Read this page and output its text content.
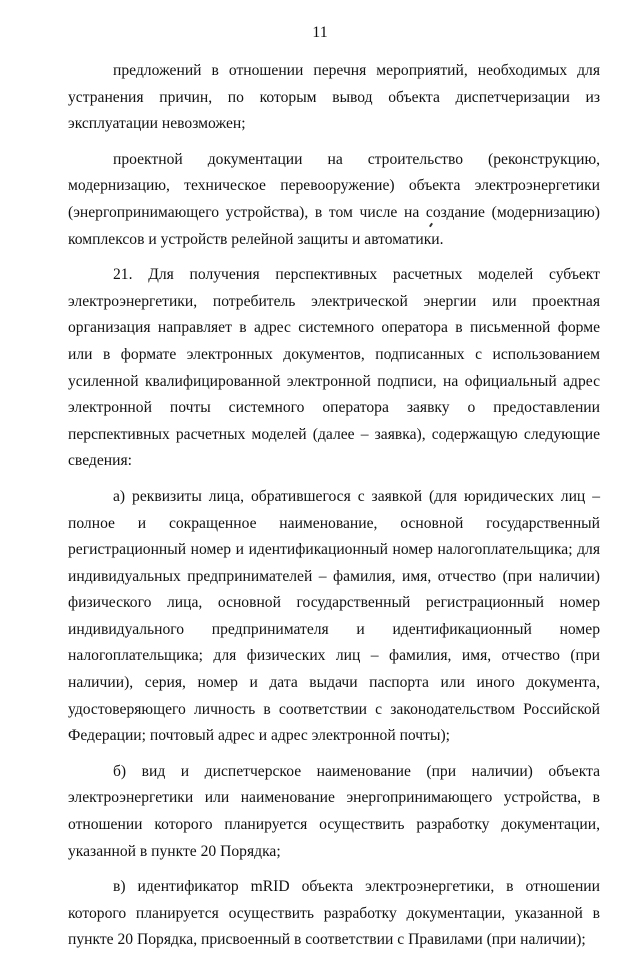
11

предложений в отношении перечня мероприятий, необходимых для устранения причин, по которым вывод объекта диспетчеризации из эксплуатации невозможен;

проектной документации на строительство (реконструкцию, модернизацию, техническое перевооружение) объекта электроэнергетики (энергопринимающего устройства), в том числе на создание (модернизацию) комплексов и устройств релейной защиты и автоматики.

21. Для получения перспективных расчетных моделей субъект электроэнергетики, потребитель электрической энергии или проектная организация направляет в адрес системного оператора в письменной форме или в формате электронных документов, подписанных с использованием усиленной квалифицированной электронной подписи, на официальный адрес электронной почты системного оператора заявку о предоставлении перспективных расчетных моделей (далее – заявка), содержащую следующие сведения:

а) реквизиты лица, обратившегося с заявкой (для юридических лиц – полное и сокращенное наименование, основной государственный регистрационный номер и идентификационный номер налогоплательщика; для индивидуальных предпринимателей – фамилия, имя, отчество (при наличии) физического лица, основной государственный регистрационный номер индивидуального предпринимателя и идентификационный номер налогоплательщика; для физических лиц – фамилия, имя, отчество (при наличии), серия, номер и дата выдачи паспорта или иного документа, удостоверяющего личность в соответствии с законодательством Российской Федерации; почтовый адрес и адрес электронной почты);

б) вид и диспетчерское наименование (при наличии) объекта электроэнергетики или наименование энергопринимающего устройства, в отношении которого планируется осуществить разработку документации, указанной в пункте 20 Порядка;

в) идентификатор mRID объекта электроэнергетики, в отношении которого планируется осуществить разработку документации, указанной в пункте 20 Порядка, присвоенный в соответствии с Правилами (при наличии);
